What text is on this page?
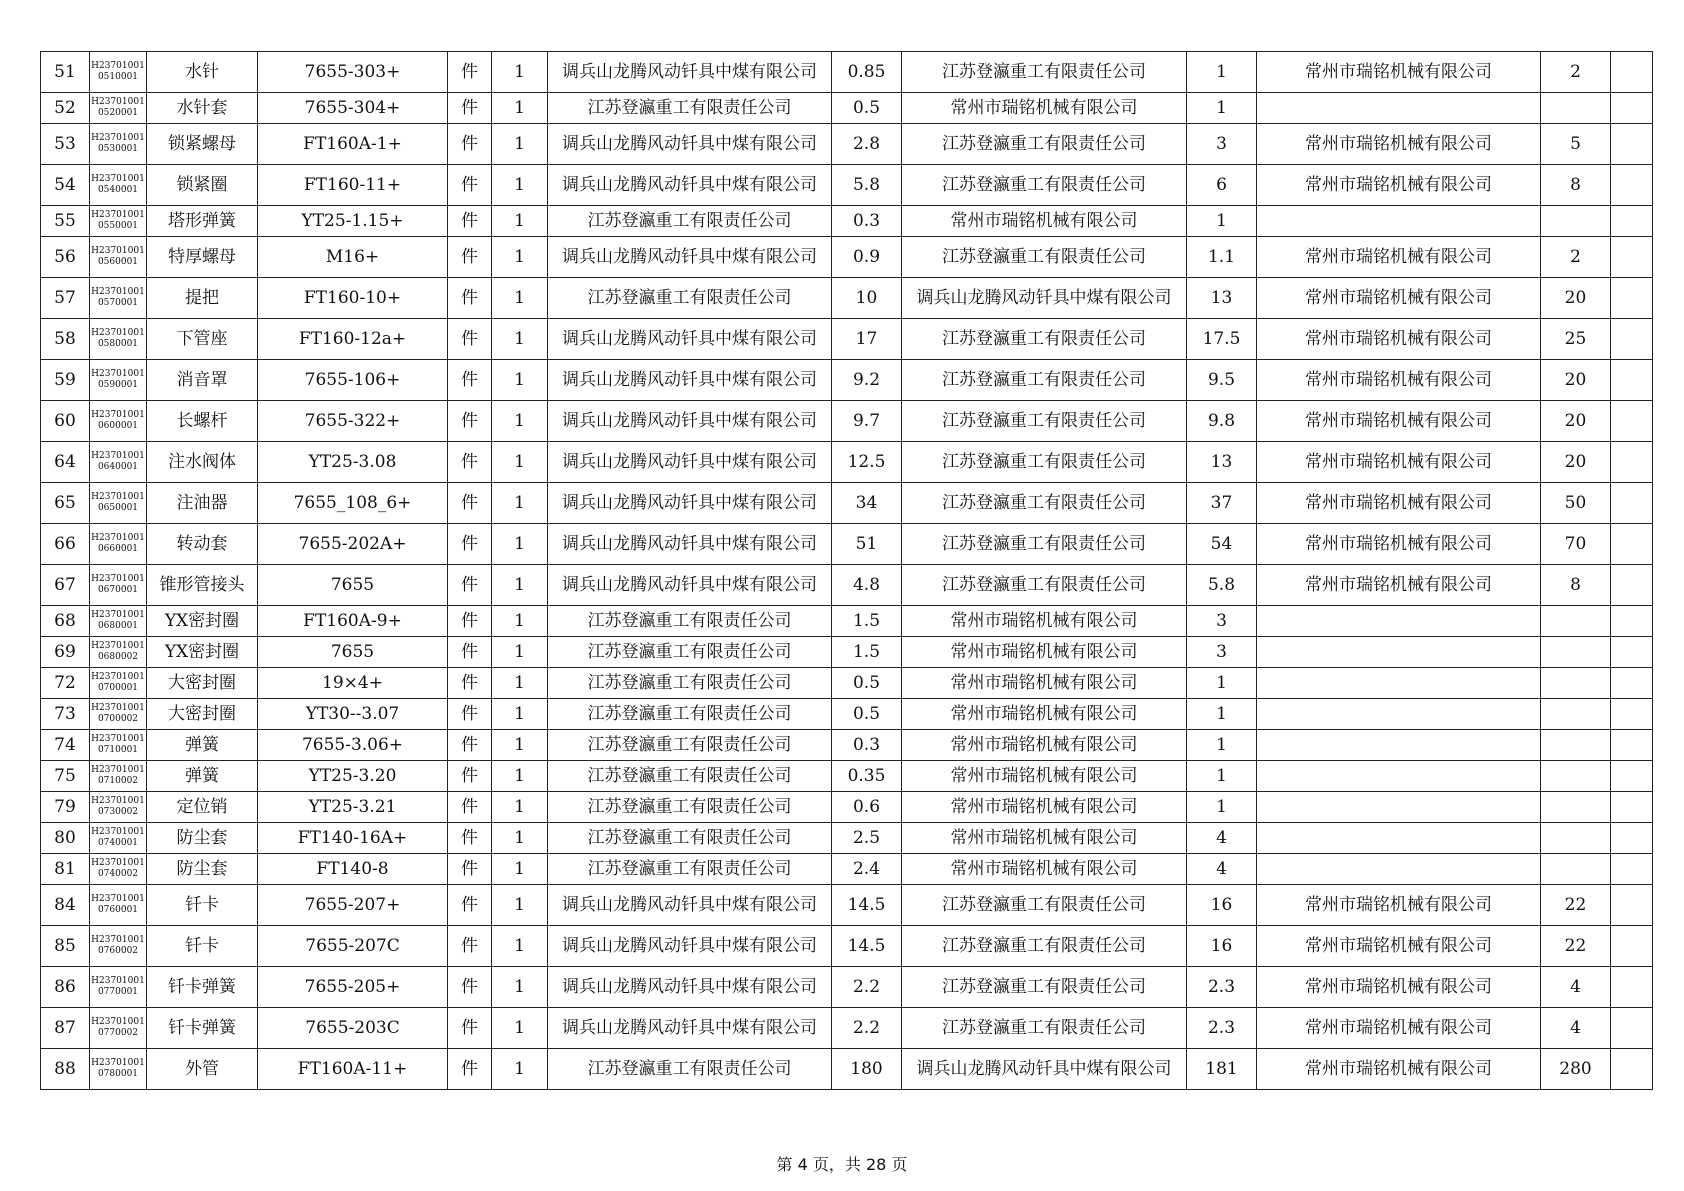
51	H237010010510001	水针	7655-303+	件	1	调兵山龙腾风动钎具中煤有限公司	0.85	江苏登瀛重工有限责任公司	1	常州市瑞铭机械有限公司	2	
52	H237010010520001	水针套	7655-304+	件	1	江苏登瀛重工有限责任公司	0.5	常州市瑞铭机械有限公司	1			
53	H237010010530001	锁紧螺母	FT160A-1+	件	1	调兵山龙腾风动钎具中煤有限公司	2.8	江苏登瀛重工有限责任公司	3	常州市瑞铭机械有限公司	5	
54	H237010010540001	锁紧圈	FT160-11+	件	1	调兵山龙腾风动钎具中煤有限公司	5.8	江苏登瀛重工有限责任公司	6	常州市瑞铭机械有限公司	8	
55	H237010010550001	塔形弹簧	YT25-1.15+	件	1	江苏登瀛重工有限责任公司	0.3	常州市瑞铭机械有限公司	1			
56	H237010010560001	特厚螺母	M16+	件	1	调兵山龙腾风动钎具中煤有限公司	0.9	江苏登瀛重工有限责任公司	1.1	常州市瑞铭机械有限公司	2	
57	H237010010570001	提把	FT160-10+	件	1	江苏登瀛重工有限责任公司	10	调兵山龙腾风动钎具中煤有限公司	13	常州市瑞铭机械有限公司	20	
58	H237010010580001	下管座	FT160-12a+	件	1	调兵山龙腾风动钎具中煤有限公司	17	江苏登瀛重工有限责任公司	17.5	常州市瑞铭机械有限公司	25	
59	H237010010590001	消音罩	7655-106+	件	1	调兵山龙腾风动钎具中煤有限公司	9.2	江苏登瀛重工有限责任公司	9.5	常州市瑞铭机械有限公司	20	
60	H237010010600001	长螺杆	7655-322+	件	1	调兵山龙腾风动钎具中煤有限公司	9.7	江苏登瀛重工有限责任公司	9.8	常州市瑞铭机械有限公司	20	
64	H237010010640001	注水阀体	YT25-3.08	件	1	调兵山龙腾风动钎具中煤有限公司	12.5	江苏登瀛重工有限责任公司	13	常州市瑞铭机械有限公司	20	
65	H237010010650001	注油器	7655_108_6+	件	1	调兵山龙腾风动钎具中煤有限公司	34	江苏登瀛重工有限责任公司	37	常州市瑞铭机械有限公司	50	
66	H237010010660001	转动套	7655-202A+	件	1	调兵山龙腾风动钎具中煤有限公司	51	江苏登瀛重工有限责任公司	54	常州市瑞铭机械有限公司	70	
67	H237010010670001	锥形管接头	7655	件	1	调兵山龙腾风动钎具中煤有限公司	4.8	江苏登瀛重工有限责任公司	5.8	常州市瑞铭机械有限公司	8	
68	H237010010680001	YX密封圈	FT160A-9+	件	1	江苏登瀛重工有限责任公司	1.5	常州市瑞铭机械有限公司	3			
69	H237010010680002	YX密封圈	7655	件	1	江苏登瀛重工有限责任公司	1.5	常州市瑞铭机械有限公司	3			
72	H237010010700001	大密封圈	19×4+	件	1	江苏登瀛重工有限责任公司	0.5	常州市瑞铭机械有限公司	1			
73	H237010010700002	大密封圈	YT30--3.07	件	1	江苏登瀛重工有限责任公司	0.5	常州市瑞铭机械有限公司	1			
74	H237010010710001	弹簧	7655-3.06+	件	1	江苏登瀛重工有限责任公司	0.3	常州市瑞铭机械有限公司	1			
75	H237010010710002	弹簧	YT25-3.20	件	1	江苏登瀛重工有限责任公司	0.35	常州市瑞铭机械有限公司	1			
79	H237010010730002	定位销	YT25-3.21	件	1	江苏登瀛重工有限责任公司	0.6	常州市瑞铭机械有限公司	1			
80	H237010010740001	防尘套	FT140-16A+	件	1	江苏登瀛重工有限责任公司	2.5	常州市瑞铭机械有限公司	4			
81	H237010010740002	防尘套	FT140-8	件	1	江苏登瀛重工有限责任公司	2.4	常州市瑞铭机械有限公司	4			
84	H237010010760001	钎卡	7655-207+	件	1	调兵山龙腾风动钎具中煤有限公司	14.5	江苏登瀛重工有限责任公司	16	常州市瑞铭机械有限公司	22	
85	H237010010760002	钎卡	7655-207C	件	1	调兵山龙腾风动钎具中煤有限公司	14.5	江苏登瀛重工有限责任公司	16	常州市瑞铭机械有限公司	22	
86	H237010010770001	钎卡弹簧	7655-205+	件	1	调兵山龙腾风动钎具中煤有限公司	2.2	江苏登瀛重工有限责任公司	2.3	常州市瑞铭机械有限公司	4	
87	H237010010770002	钎卡弹簧	7655-203C	件	1	调兵山龙腾风动钎具中煤有限公司	2.2	江苏登瀛重工有限责任公司	2.3	常州市瑞铭机械有限公司	4	
88	H237010010780001	外管	FT160A-11+	件	1	江苏登瀛重工有限责任公司	180	调兵山龙腾风动钎具中煤有限公司	181	常州市瑞铭机械有限公司	280	
第 4 页，共 28 页
